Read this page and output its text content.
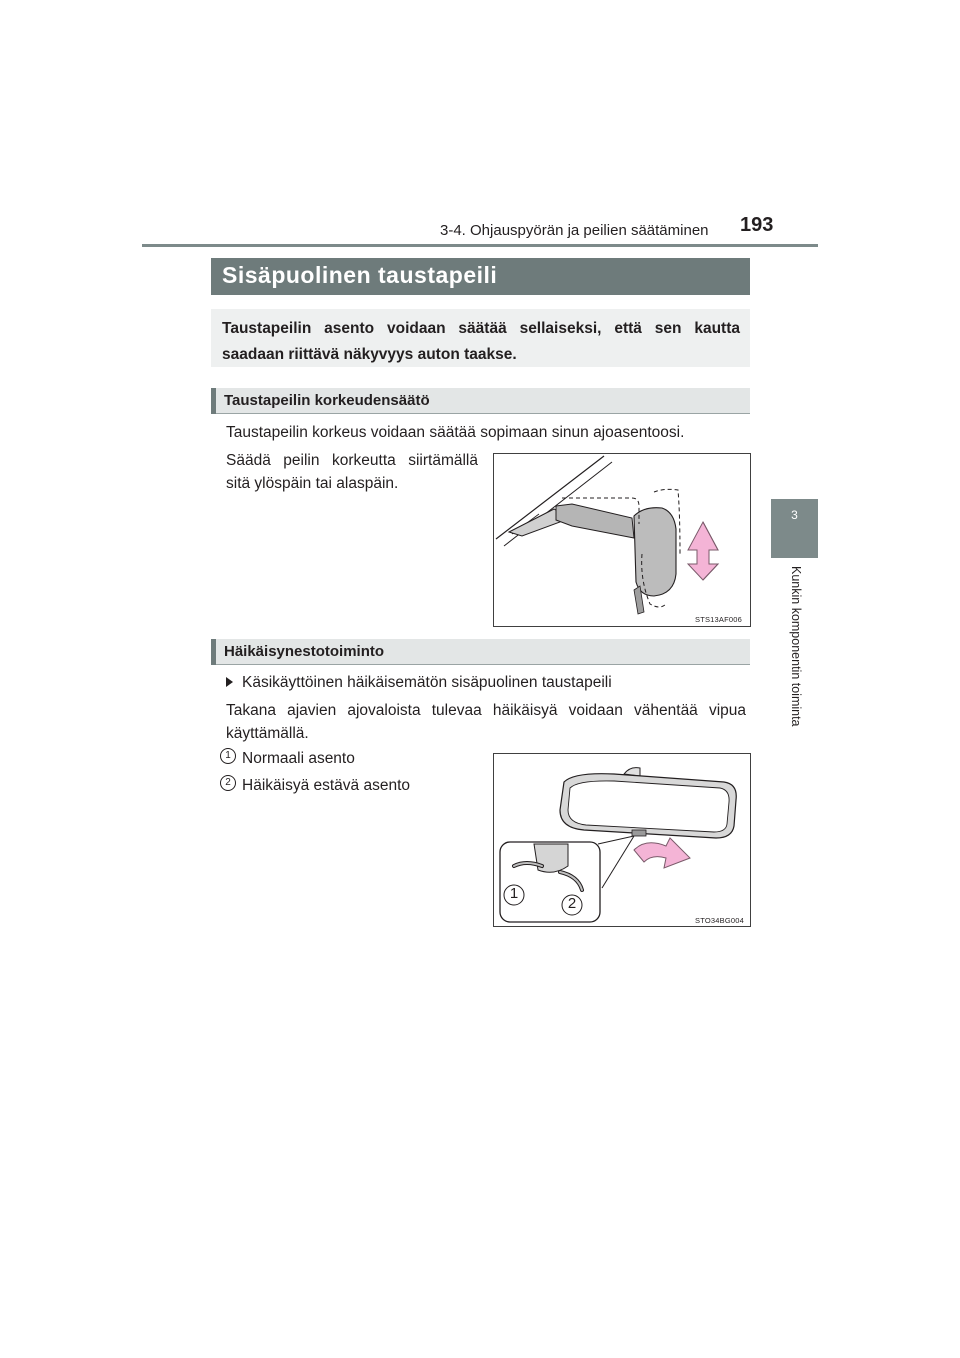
3-4. Ohjauspyörän ja peilien säätäminen 193
3
Kunkin komponentin toiminta
Sisäpuolinen taustapeili
Taustapeilin asento voidaan säätää sellaiseksi, että sen kautta saadaan riittävä näkyvyys auton taakse.
Taustapeilin korkeudensäätö
Taustapeilin korkeus voidaan säätää sopimaan sinun ajoasentoosi.
Säädä peilin korkeutta siirtämällä sitä ylöspäin tai alaspäin.
STS13AF006
Häikäisynestotoiminto
Käsikäyttöinen häikäisemätön sisäpuolinen taustapeili
Takana ajavien ajovaloista tulevaa häikäisyä voidaan vähentää vipua käyttämällä.
1 Normaali asento
2 Häikäisyä estävä asento
1
2
STO34BG004
